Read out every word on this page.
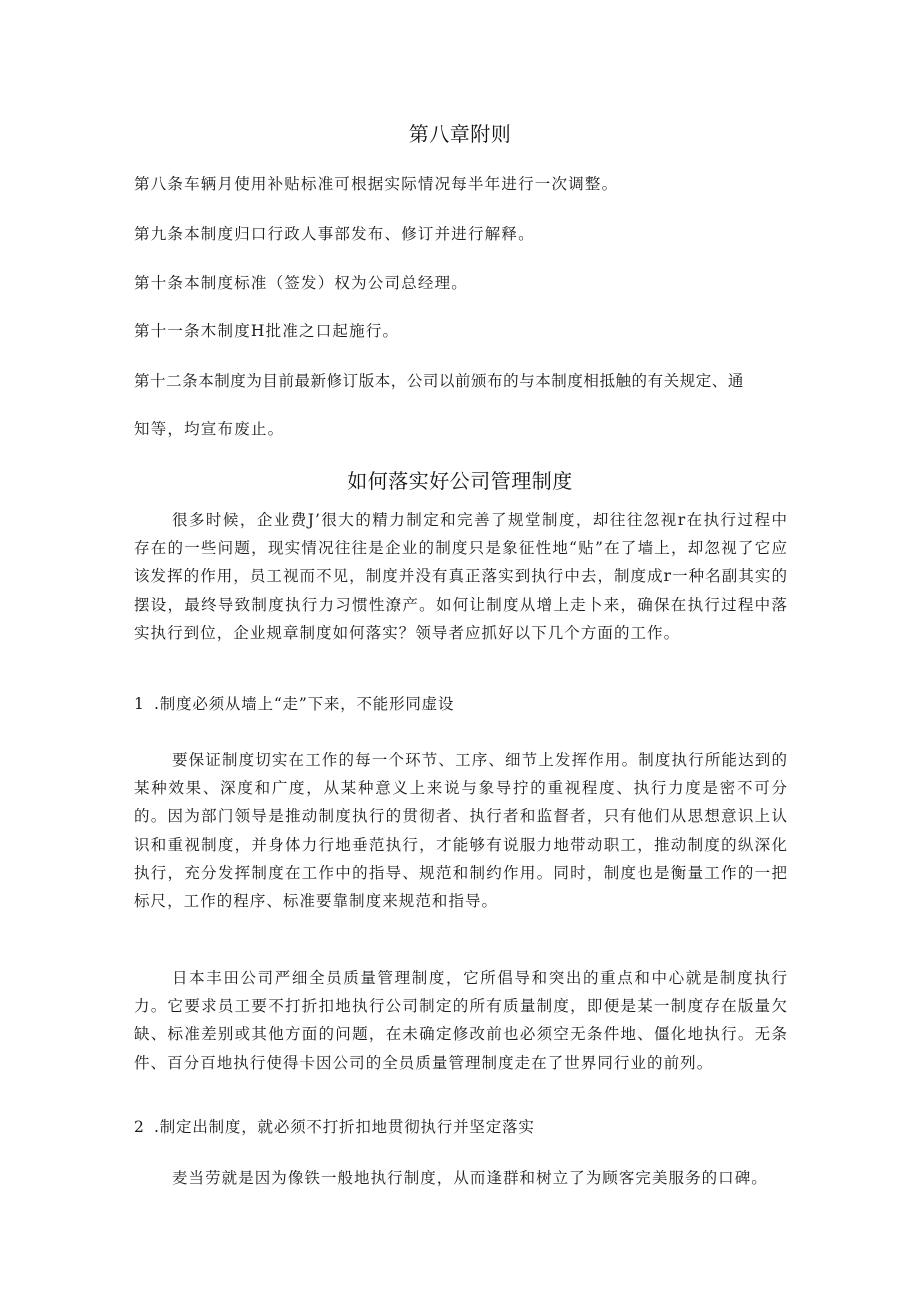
第八章附则
第八条车辆月使用补贴标准可根据实际情况每半年进行一次调整。
第九条本制度归口行政人事部发布、修订并进行解释。
第十条本制度标准（签发）权为公司总经理。
第十一条木制度H批准之口起施行。
第十二条本制度为目前最新修订版本，公司以前颁布的与本制度相抵触的有关规定、通
知等，均宣布废止。
如何落实好公司管理制度
很多时候，企业费J’很大的精力制定和完善了规堂制度，却往往忽视r在执行过程中存在的一些问题，现实情况往往是企业的制度只是象征性地“贴”在了墙上，却忽视了它应该发挥的作用，员工视而不见，制度并没有真正落实到执行中去，制度成r一种名副其实的摆设，最终导致制度执行力习惯性潦产。如何让制度从增上走卜来，确保在执行过程中落实执行到位，企业规章制度如何落实？领导者应抓好以下几个方面的工作。
1 .制度必须从墙上“走”下来，不能形同虚设
要保证制度切实在工作的每一个环节、工序、细节上发挥作用。制度执行所能达到的某种效果、深度和广度，从某种意义上来说与象导拧的重视程度、执行力度是密不可分的。因为部门领导是推动制度执行的贯彻者、执行者和监督者，只有他们从思想意识上认识和重视制度，并身体力行地垂范执行，才能够有说服力地带动职工，推动制度的纵深化执行，充分发挥制度在工作中的指导、规范和制约作用。同时，制度也是衡量工作的一把标尺，工作的程序、标准要靠制度来规范和指导。
日本丰田公司严细全员质量管理制度，它所倡导和突出的重点和中心就是制度执行力。它要求员工要不打折扣地执行公司制定的所有质量制度，即便是某一制度存在版量欠缺、标准差别或其他方面的问题，在未确定修改前也必须空无条件地、僵化地执行。无条件、百分百地执行使得卡因公司的全员质量管理制度走在了世界同行业的前列。
2 .制定出制度，就必须不打折扣地贯彻执行并坚定落实
麦当劳就是因为像铁一般地执行制度，从而逢群和树立了为顾客完美服务的口碑。
